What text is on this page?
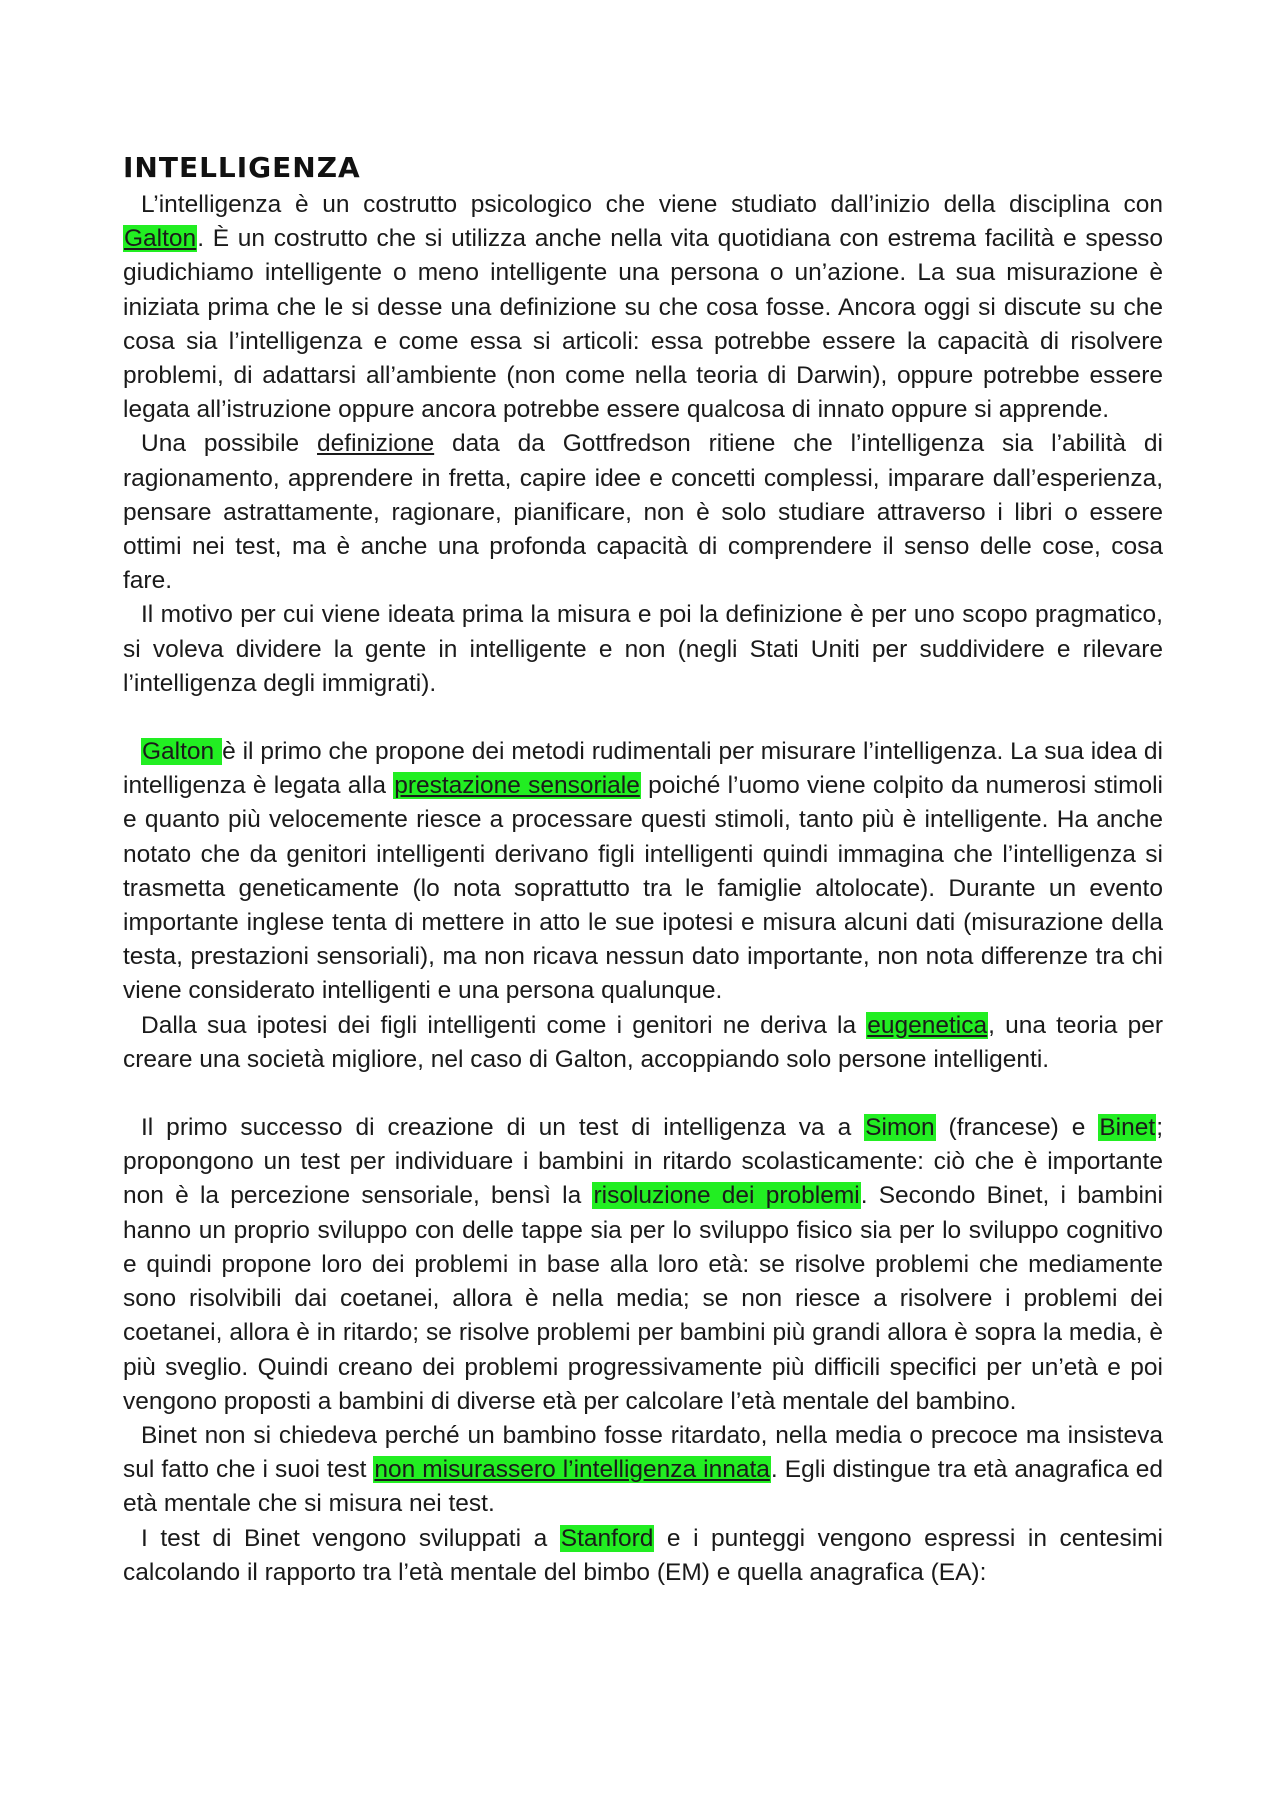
INTELLIGENZA

L’intelligenza è un costrutto psicologico che viene studiato dall’inizio della disciplina con Galton. È un costrutto che si utilizza anche nella vita quotidiana con estrema facilità e spesso giudichiamo intelligente o meno intelligente una persona o un’azione. La sua misurazione è iniziata prima che le si desse una definizione su che cosa fosse. Ancora oggi si discute su che cosa sia l’intelligenza e come essa si articoli: essa potrebbe essere la capacità di risolvere problemi, di adattarsi all’ambiente (non come nella teoria di Darwin), oppure potrebbe essere legata all’istruzione oppure ancora potrebbe essere qualcosa di innato oppure si apprende.

Una possibile definizione data da Gottfredson ritiene che l’intelligenza sia l’abilità di ragionamento, apprendere in fretta, capire idee e concetti complessi, imparare dall’esperienza, pensare astrattamente, ragionare, pianificare, non è solo studiare attraverso i libri o essere ottimi nei test, ma è anche una profonda capacità di comprendere il senso delle cose, cosa fare.

Il motivo per cui viene ideata prima la misura e poi la definizione è per uno scopo pragmatico, si voleva dividere la gente in intelligente e non (negli Stati Uniti per suddividere e rilevare l’intelligenza degli immigrati).

Galton è il primo che propone dei metodi rudimentali per misurare l’intelligenza. La sua idea di intelligenza è legata alla prestazione sensoriale poiché l’uomo viene colpito da numerosi stimoli e quanto più velocemente riesce a processare questi stimoli, tanto più è intelligente. Ha anche notato che da genitori intelligenti derivano figli intelligenti quindi immagina che l’intelligenza si trasmetta geneticamente (lo nota soprattutto tra le famiglie altolocate). Durante un evento importante inglese tenta di mettere in atto le sue ipotesi e misura alcuni dati (misurazione della testa, prestazioni sensoriali), ma non ricava nessun dato importante, non nota differenze tra chi viene considerato intelligenti e una persona qualunque.

Dalla sua ipotesi dei figli intelligenti come i genitori ne deriva la eugenetica, una teoria per creare una società migliore, nel caso di Galton, accoppiando solo persone intelligenti.

Il primo successo di creazione di un test di intelligenza va a Simon (francese) e Binet; propongono un test per individuare i bambini in ritardo scolasticamente: ciò che è importante non è la percezione sensoriale, bensì la risoluzione dei problemi. Secondo Binet, i bambini hanno un proprio sviluppo con delle tappe sia per lo sviluppo fisico sia per lo sviluppo cognitivo e quindi propone loro dei problemi in base alla loro età: se risolve problemi che mediamente sono risolvibili dai coetanei, allora è nella media; se non riesce a risolvere i problemi dei coetanei, allora è in ritardo; se risolve problemi per bambini più grandi allora è sopra la media, è più sveglio. Quindi creano dei problemi progressivamente più difficili specifici per un’età e poi vengono proposti a bambini di diverse età per calcolare l’età mentale del bambino.

Binet non si chiedeva perché un bambino fosse ritardato, nella media o precoce ma insisteva sul fatto che i suoi test non misurassero l’intelligenza innata. Egli distingue tra età anagrafica ed età mentale che si misura nei test.

I test di Binet vengono sviluppati a Stanford e i punteggi vengono espressi in centesimi calcolando il rapporto tra l’età mentale del bimbo (EM) e quella anagrafica (EA):
